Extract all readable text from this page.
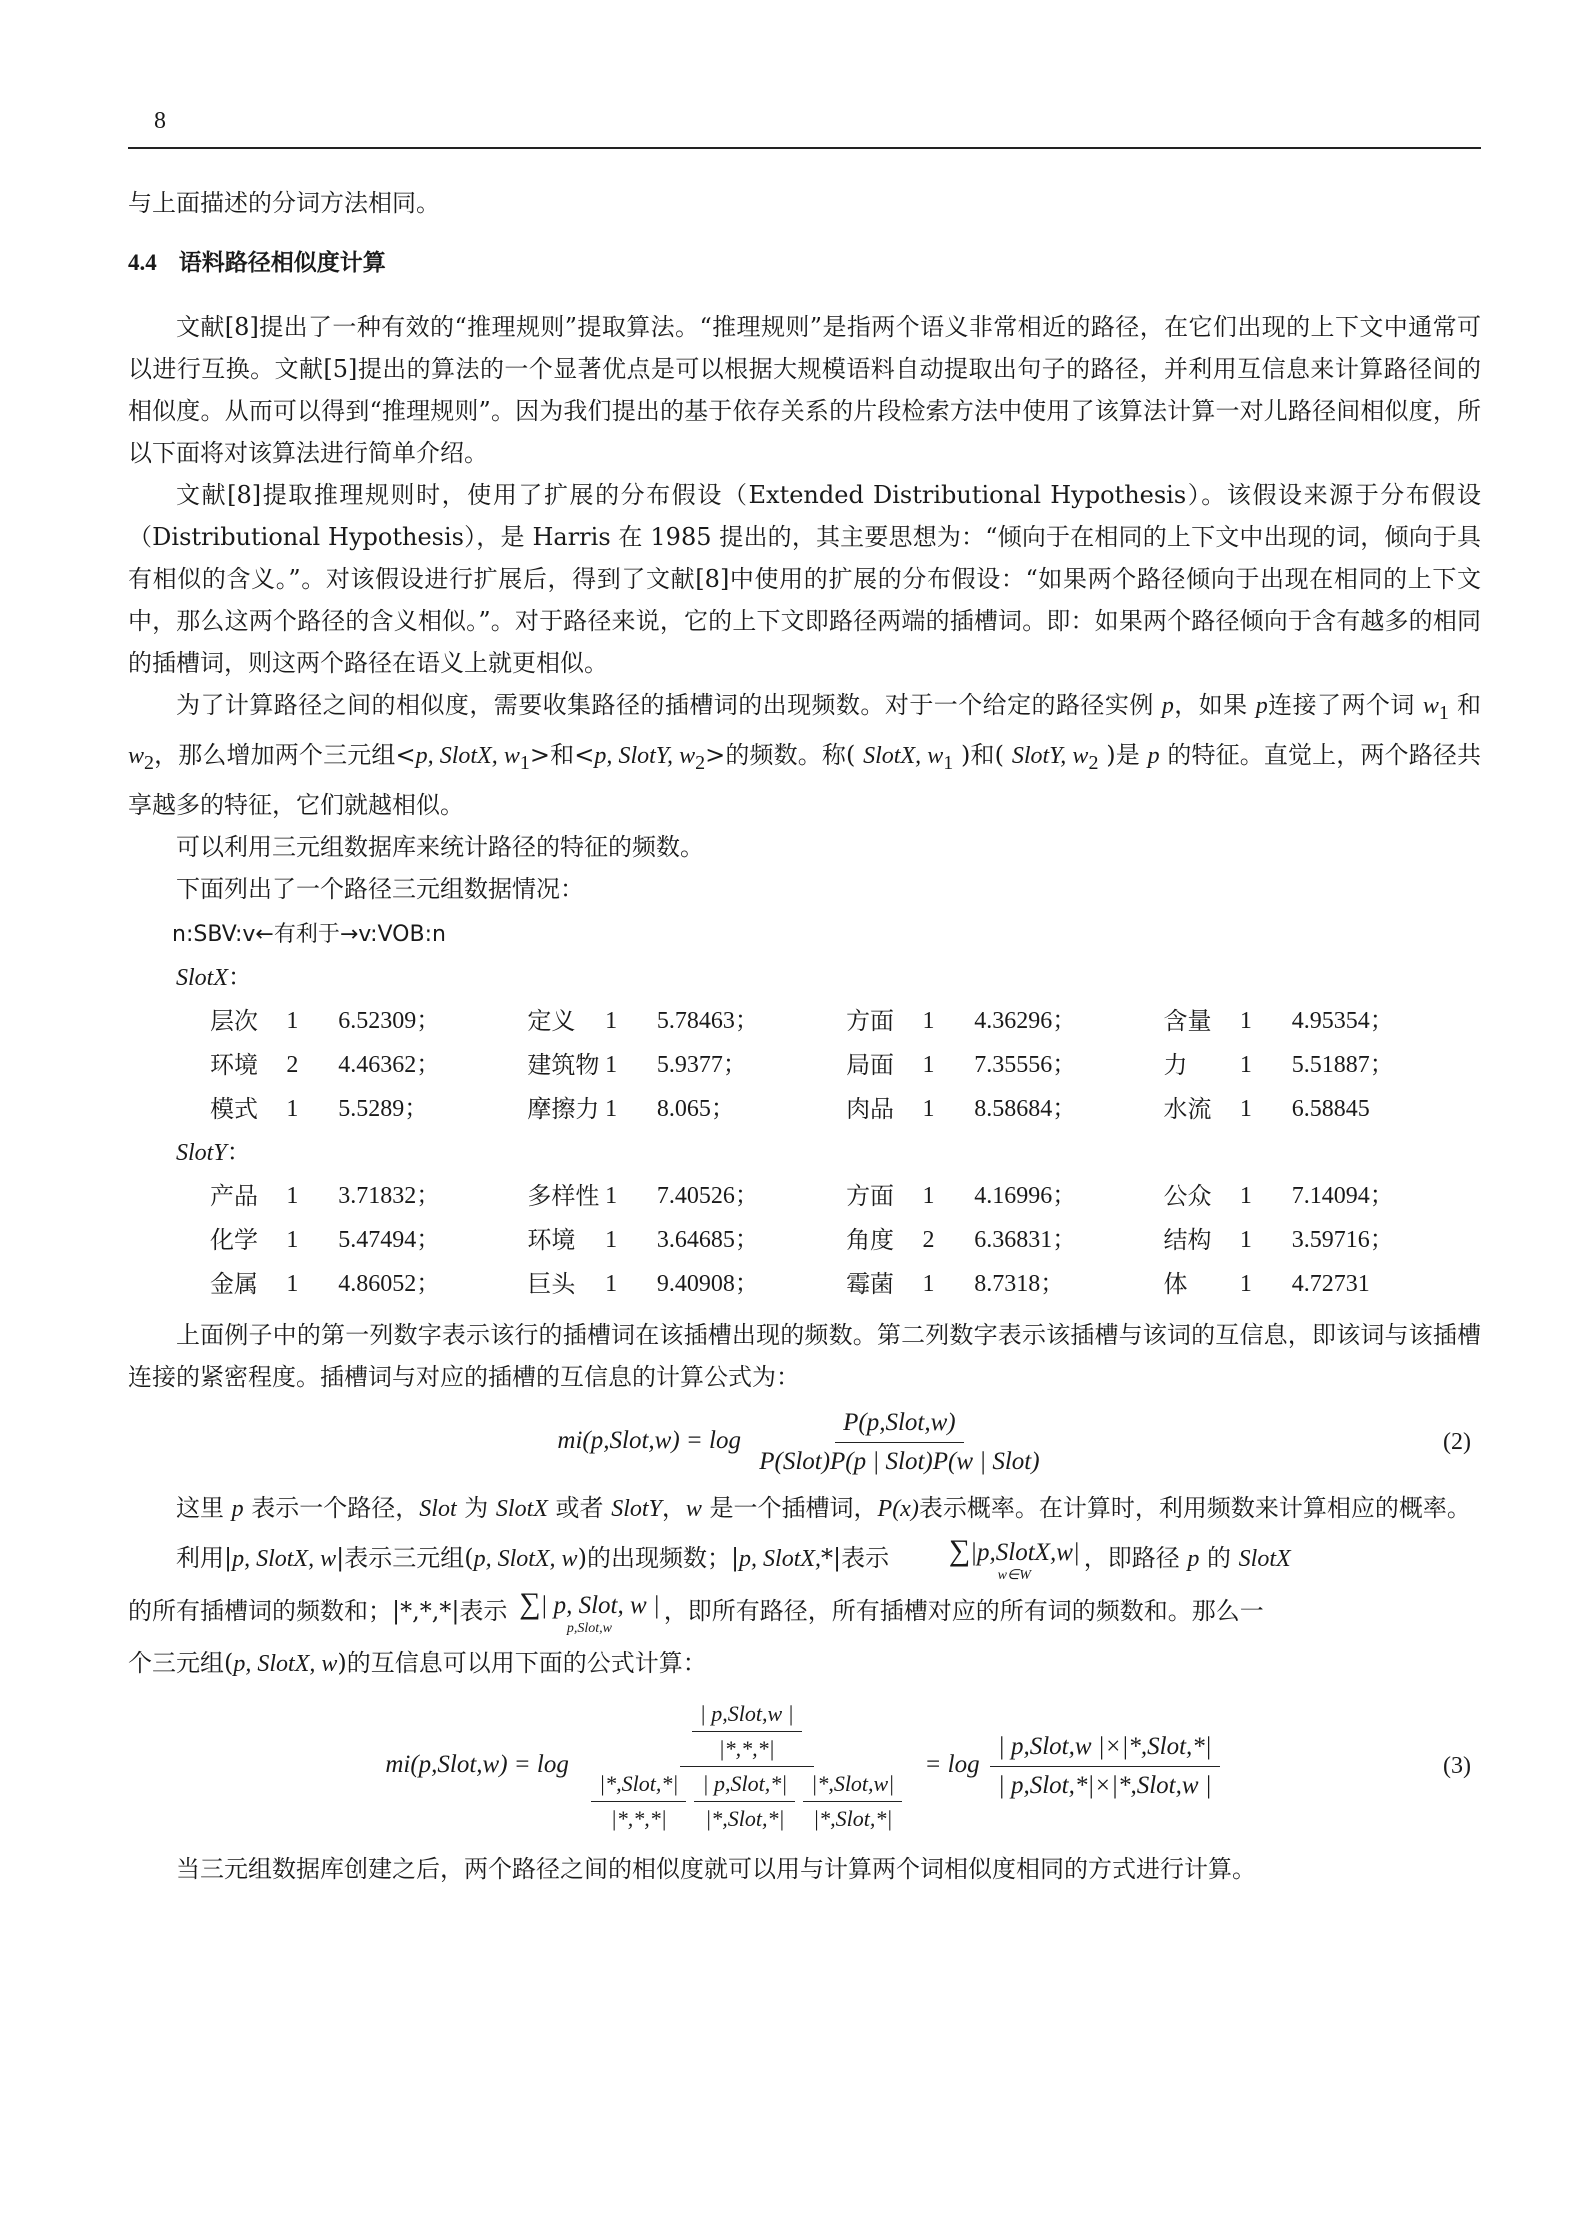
8

与上面描述的分词方法相同。

4.4 语料路径相似度计算

文献[8]提出了一种有效的“推理规则”提取算法。“推理规则”是指两个语义非常相近的路径，在它们出现的上下文中通常可以进行互换。文献[5]提出的算法的一个显著优点是可以根据大规模语料自动提取出句子的路径，并利用互信息来计算路径间的相似度。从而可以得到“推理规则”。因为我们提出的基于依存关系的片段检索方法中使用了该算法计算一对儿路径间相似度，所以下面将对该算法进行简单介绍。

文献[8]提取推理规则时，使用了扩展的分布假设（Extended Distributional Hypothesis）。该假设来源于分布假设（Distributional Hypothesis），是 Harris 在 1985 提出的，其主要思想为：“倾向于在相同的上下文中出现的词，倾向于具有相似的含义。”。对该假设进行扩展后，得到了文献[8]中使用的扩展的分布假设：“如果两个路径倾向于出现在相同的上下文中，那么这两个路径的含义相似。”。对于路径来说，它的上下文即路径两端的插槽词。即：如果两个路径倾向于含有越多的相同的插槽词，则这两个路径在语义上就更相似。

为了计算路径之间的相似度，需要收集路径的插槽词的出现频数。对于一个给定的路径实例 p，如果 p连接了两个词 $w_1$ 和 $w_2$，那么增加两个三元组<p, SlotX, $w_1>$和<p, SlotY, $w_2>$的频数。称( SlotX, $w_1$ )和( SlotY, $w_2$ )是 p 的特征。直觉上，两个路径共享越多的特征，它们就越相似。

可以利用三元组数据库来统计路径的特征的频数。

下面列出了一个路径三元组数据情况：

n:SBV:v←有利于→v:VOB:n
SlotX：
层次	1	6.52309；	定义	1	5.78463；	方面	1	4.36296；	含量	1	4.95354；
环境	2	4.46362；	建筑物	1	5.9377；	局面	1	7.35556；	力	1	5.51887；
模式	1	5.5289；	摩擦力	1	8.065；	肉品	1	8.58684；	水流	1	6.58845
SlotY：
产品	1	3.71832；	多样性	1	7.40526；	方面	1	4.16996；	公众	1	7.14094；
化学	1	5.47494；	环境	1	3.64685；	角度	2	6.36831；	结构	1	3.59716；
金属	1	4.86052；	巨头	1	9.40908；	霉菌	1	8.7318；	体	1	4.72731

上面例子中的第一列数字表示该行的插槽词在该插槽出现的频数。第二列数字表示该插槽与该词的互信息，即该词与该插槽连接的紧密程度。插槽词与对应的插槽的互信息的计算公式为：

mi(p,Slot,w) = $\log \frac{\text{P(p,Slot,w)}}{\text{P(Slot)P(p | Slot)P(w | Slot)}}$	(2)

这里 p 表示一个路径，Slot 为 SlotX 或者 SlotY，w 是一个插槽词，P(x)表示概率。在计算时，利用频数来计算相应的概率。

利用|p, SlotX, w|表示三元组(p, SlotX, w)的出现频数；|p, SlotX,*|表示	∑|p,SlotX,w|
w∈W
，即路径 p 的 SlotX

的所有插槽词的频数和；|*,*,*|表示 ∑| p, Slot, w |
p,Slot,w
，即所有路径，所有插槽对应的所有词的频数和。那么一

个三元组(p, SlotX, w)的互信息可以用下面的公式计算：

mi(p,Slot,w) = log
$\frac{\text{| p,Slot,w |}}{|*,*,*|}$
$\frac{\text{|*,Slot,*|}}{|*,*,*|} \frac{\text{| p,Slot,*|}}{\text{|*,Slot,*|}} \frac{\text{|*,Slot,w|}}{\text{|*,Slot,*|}}$
= $\log \frac{\text{| p,Slot,w |×|*,Slot,*|}}{\text{| p,Slot,*|×|*,Slot,w |}}$	(3)

当三元组数据库创建之后，两个路径之间的相似度就可以用与计算两个词相似度相同的方式进行计算。
